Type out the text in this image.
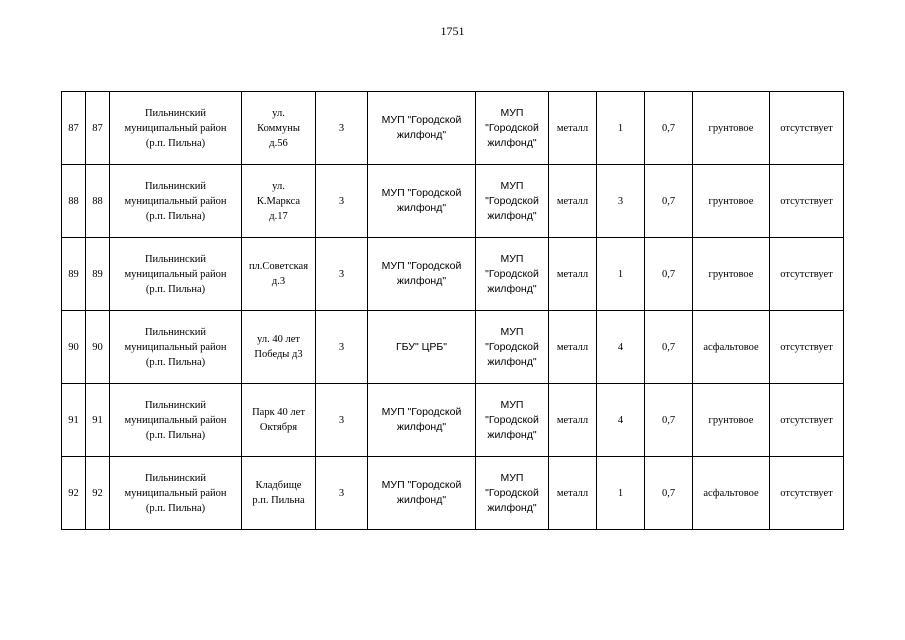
1751
87	87	Пильнинский
муниципальный район
(р.п. Пильна)	ул.
Коммуны
д.56	3	МУП "Городской
жилфонд"	МУП
"Городской
жилфонд"	металл	1	0,7	грунтовое	отсутствует
88	88	Пильнинский
муниципальный район
(р.п. Пильна)	ул.
К.Маркса
д.17	3	МУП "Городской
жилфонд"	МУП
"Городской
жилфонд"	металл	3	0,7	грунтовое	отсутствует
89	89	Пильнинский
муниципальный район
(р.п. Пильна)	пл.Советская
д.3	3	МУП "Городской
жилфонд"	МУП
"Городской
жилфонд"	металл	1	0,7	грунтовое	отсутствует
90	90	Пильнинский
муниципальный район
(р.п. Пильна)	ул. 40 лет
Победы д3	3	ГБУ" ЦРБ"	МУП
"Городской
жилфонд"	металл	4	0,7	асфальтовое	отсутствует
91	91	Пильнинский
муниципальный район
(р.п. Пильна)	Парк 40 лет
Октября	3	МУП "Городской
жилфонд"	МУП
"Городской
жилфонд"	металл	4	0,7	грунтовое	отсутствует
92	92	Пильнинский
муниципальный район
(р.п. Пильна)	Кладбище
р.п. Пильна	3	МУП "Городской
жилфонд"	МУП
"Городской
жилфонд"	металл	1	0,7	асфальтовое	отсутствует
